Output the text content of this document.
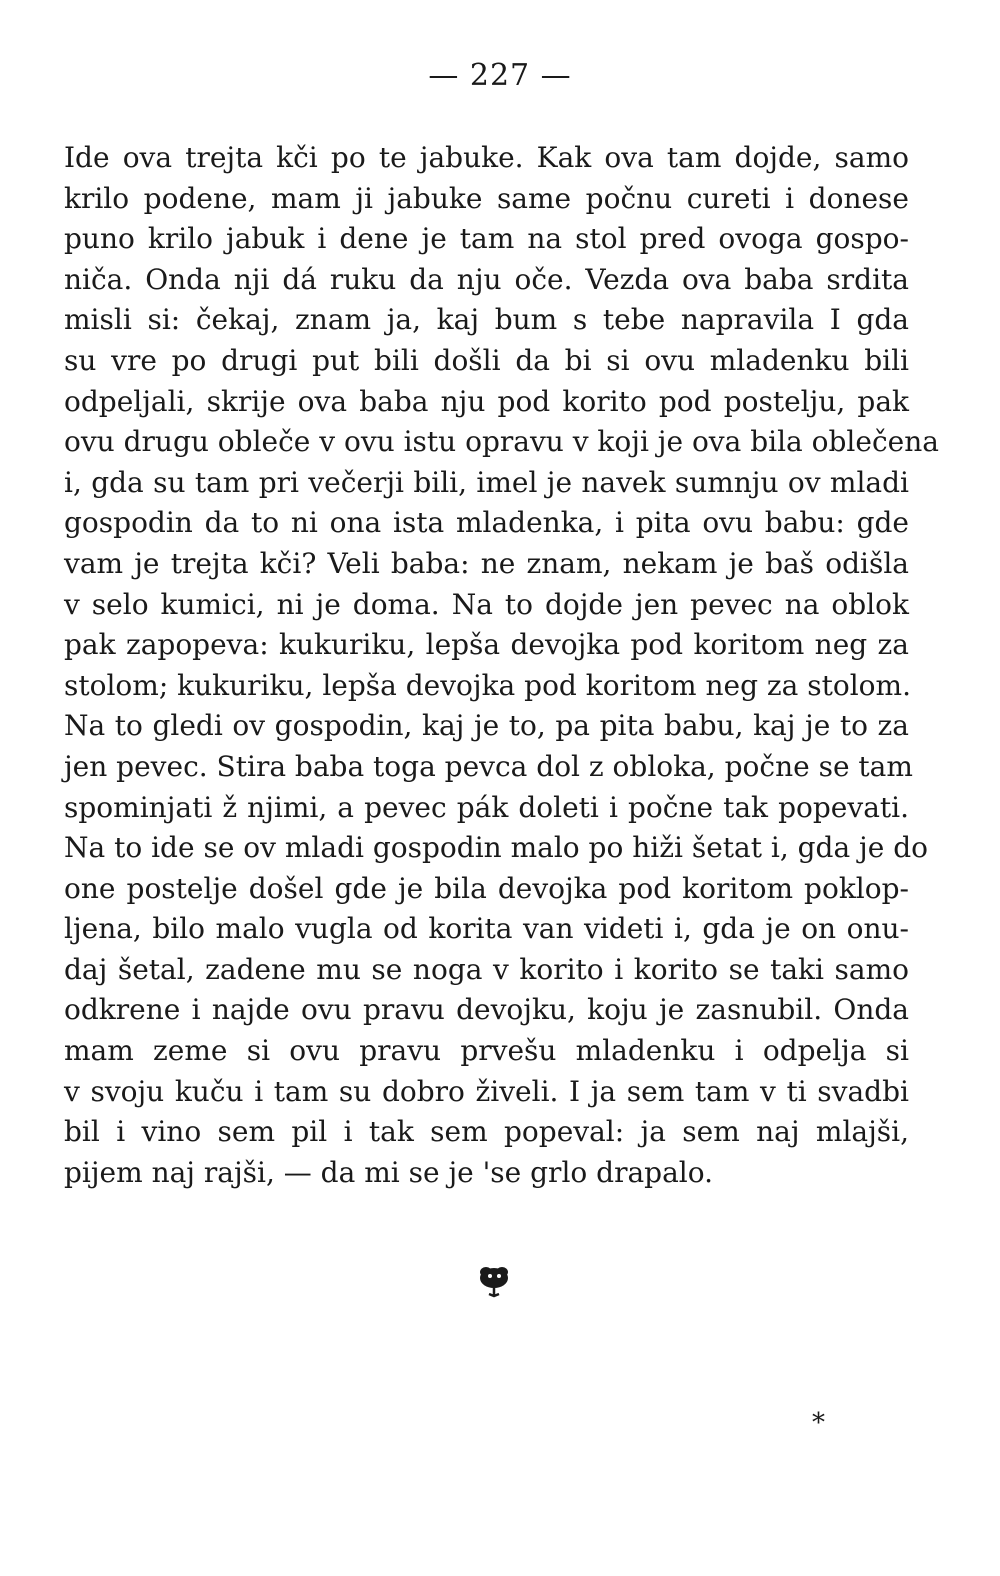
— 227 —
Ide ova trejta kči po te jabuke. Kak ova tam dojde, samo
krilo podene, mam ji jabuke same počnu cureti i donese
puno krilo jabuk i dene je tam na stol pred ovoga gospo-
niča. Onda nji dá ruku da nju oče. Vezda ova baba srdita
misli si: čekaj, znam ja, kaj bum s tebe napravila I gda
su vre po drugi put bili došli da bi si ovu mladenku bili
odpeljali, skrije ova baba nju pod korito pod postelju, pak
ovu drugu obleče v ovu istu opravu v koji je ova bila oblečena
i, gda su tam pri večerji bili, imel je navek sumnju ov mladi
gospodin da to ni ona ista mladenka, i pita ovu babu: gde
vam je trejta kči? Veli baba: ne znam, nekam je baš odišla
v selo kumici, ni je doma. Na to dojde jen pevec na oblok
pak zapopeva: kukuriku, lepša devojka pod koritom neg za
stolom; kukuriku, lepša devojka pod koritom neg za stolom.
Na to gledi ov gospodin, kaj je to, pa pita babu, kaj je to za
jen pevec. Stira baba toga pevca dol z obloka, počne se tam
spominjati ž njimi, a pevec pák doleti i počne tak popevati.
Na to ide se ov mladi gospodin malo po hiži šetat i, gda je do
one postelje došel gde je bila devojka pod koritom poklop-
ljena, bilo malo vugla od korita van videti i, gda je on onu-
daj šetal, zadene mu se noga v korito i korito se taki samo
odkrene i najde ovu pravu devojku, koju je zasnubil. Onda
mam zeme si ovu pravu prvešu mladenku i odpelja si
v svoju kuču i tam su dobro živeli. I ja sem tam v ti svadbi
bil i vino sem pil i tak sem popeval: ja sem naj mlajši,
pijem naj rajši, — da mi se je 'se grlo drapalo.
*
